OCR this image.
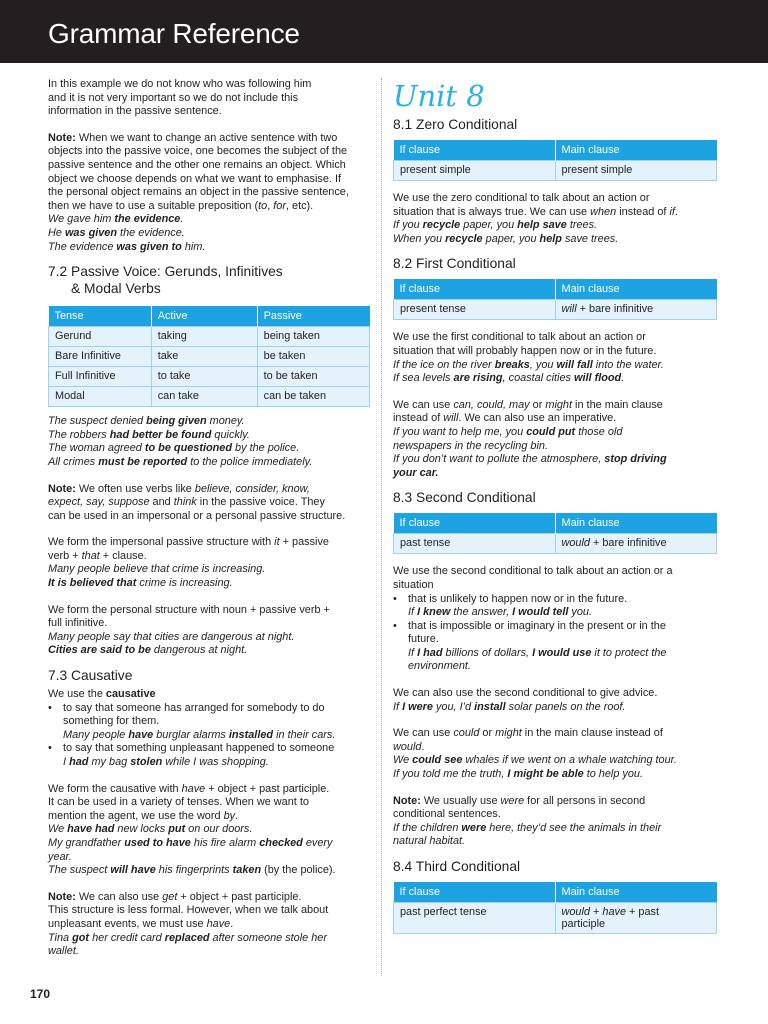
Grammar Reference

In this example we do not know who was following him
and it is not very important so we do not include this
information in the passive sentence.

Note: When we want to change an active sentence with two
objects into the passive voice, one becomes the subject of the
passive sentence and the other one remains an object. Which
object we choose depends on what we want to emphasise. If
the personal object remains an object in the passive sentence,
then we have to use a suitable preposition (to, for, etc).
We gave him the evidence.
He was given the evidence.
The evidence was given to him.

7.2 Passive Voice: Gerunds, Infinitives
& Modal Verbs
Tense	Active	Passive
Gerund	taking	being taken
Bare Infinitive	take	be taken
Full Infinitive	to take	to be taken
Modal	can take	can be taken

The suspect denied being given money.
The robbers had better be found quickly.
The woman agreed to be questioned by the police.
All crimes must be reported to the police immediately.

Note: We often use verbs like believe, consider, know,
expect, say, suppose and think in the passive voice. They
can be used in an impersonal or a personal passive structure.

We form the impersonal passive structure with it + passive
verb + that + clause.
Many people believe that crime is increasing.
It is believed that crime is increasing.

We form the personal structure with noun + passive verb +
full infinitive.
Many people say that cities are dangerous at night.
Cities are said to be dangerous at night.

7.3 Causative

We use the causative

• to say that someone has arranged for somebody to do
something for them.
Many people have burglar alarms installed in their cars.
• to say that something unpleasant happened to someone
I had my bag stolen while I was shopping.

We form the causative with have + object + past participle.
It can be used in a variety of tenses. When we want to
mention the agent, we use the word by.
We have had new locks put on our doors.
My grandfather used to have his fire alarm checked every
year.
The suspect will have his fingerprints taken (by the police).

Note: We can also use get + object + past participle.
This structure is less formal. However, when we talk about
unpleasant events, we must use have.
Tina got her credit card replaced after someone stole her
wallet.

Unit 8
8.1 Zero Conditional
If clause	Main clause
present simple	present simple

We use the zero conditional to talk about an action or
situation that is always true. We can use when instead of if.
If you recycle paper, you help save trees.
When you recycle paper, you help save trees.

8.2 First Conditional
If clause	Main clause
present tense	will + bare infinitive

We use the first conditional to talk about an action or
situation that will probably happen now or in the future.
If the ice on the river breaks, you will fall into the water.
If sea levels are rising, coastal cities will flood.

We can use can, could, may or might in the main clause
instead of will. We can also use an imperative.
If you want to help me, you could put those old
newspapers in the recycling bin.
If you don’t want to pollute the atmosphere, stop driving
your car.

8.3 Second Conditional
If clause	Main clause
past tense	would + bare infinitive

We use the second conditional to talk about an action or a
situation

• that is unlikely to happen now or in the future.
If I knew the answer, I would tell you.
• that is impossible or imaginary in the present or in the
future.
If I had billions of dollars, I would use it to protect the
environment.

We can also use the second conditional to give advice.
If I were you, I’d install solar panels on the roof.

We can use could or might in the main clause instead of
would.
We could see whales if we went on a whale watching tour.
If you told me the truth, I might be able to help you.

Note: We usually use were for all persons in second
conditional sentences.
If the children were here, they’d see the animals in their
natural habitat.

8.4 Third Conditional
If clause	Main clause
past perfect tense	would + have + past
participle
170
